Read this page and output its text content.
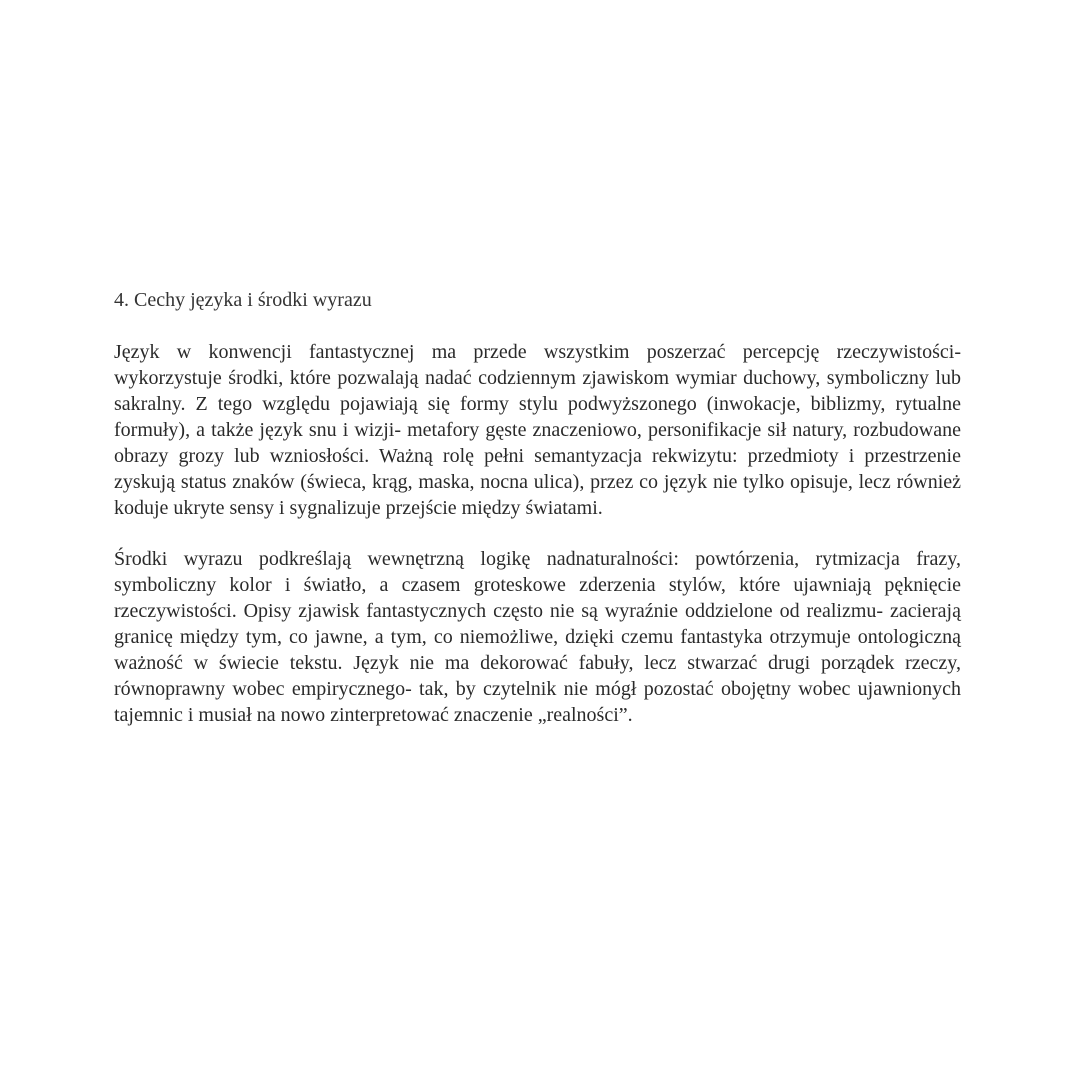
4. Cechy języka i środki wyrazu

Język w konwencji fantastycznej ma przede wszystkim poszerzać percepcję rzeczywistości- wykorzystuje środki, które pozwalają nadać codziennym zjawiskom wymiar duchowy, symboliczny lub sakralny. Z tego względu pojawiają się formy stylu podwyższonego (inwokacje, biblizmy, rytualne formuły), a także język snu i wizji- metafory gęste znaczeniowo, personifikacje sił natury, rozbudowane obrazy grozy lub wzniosłości. Ważną rolę pełni semantyzacja rekwizytu: przedmioty i przestrzenie zyskują status znaków (świeca, krąg, maska, nocna ulica), przez co język nie tylko opisuje, lecz również koduje ukryte sensy i sygnalizuje przejście między światami.

Środki wyrazu podkreślają wewnętrzną logikę nadnaturalności: powtórzenia, rytmizacja frazy, symboliczny kolor i światło, a czasem groteskowe zderzenia stylów, które ujawniają pęknięcie rzeczywistości. Opisy zjawisk fantastycznych często nie są wyraźnie oddzielone od realizmu- zacierają granicę między tym, co jawne, a tym, co niemożliwe, dzięki czemu fantastyka otrzymuje ontologiczną ważność w świecie tekstu. Język nie ma dekorować fabuły, lecz stwarzać drugi porządek rzeczy, równoprawny wobec empirycznego- tak, by czytelnik nie mógł pozostać obojętny wobec ujawnionych tajemnic i musiał na nowo zinterpretować znaczenie „realności”.
